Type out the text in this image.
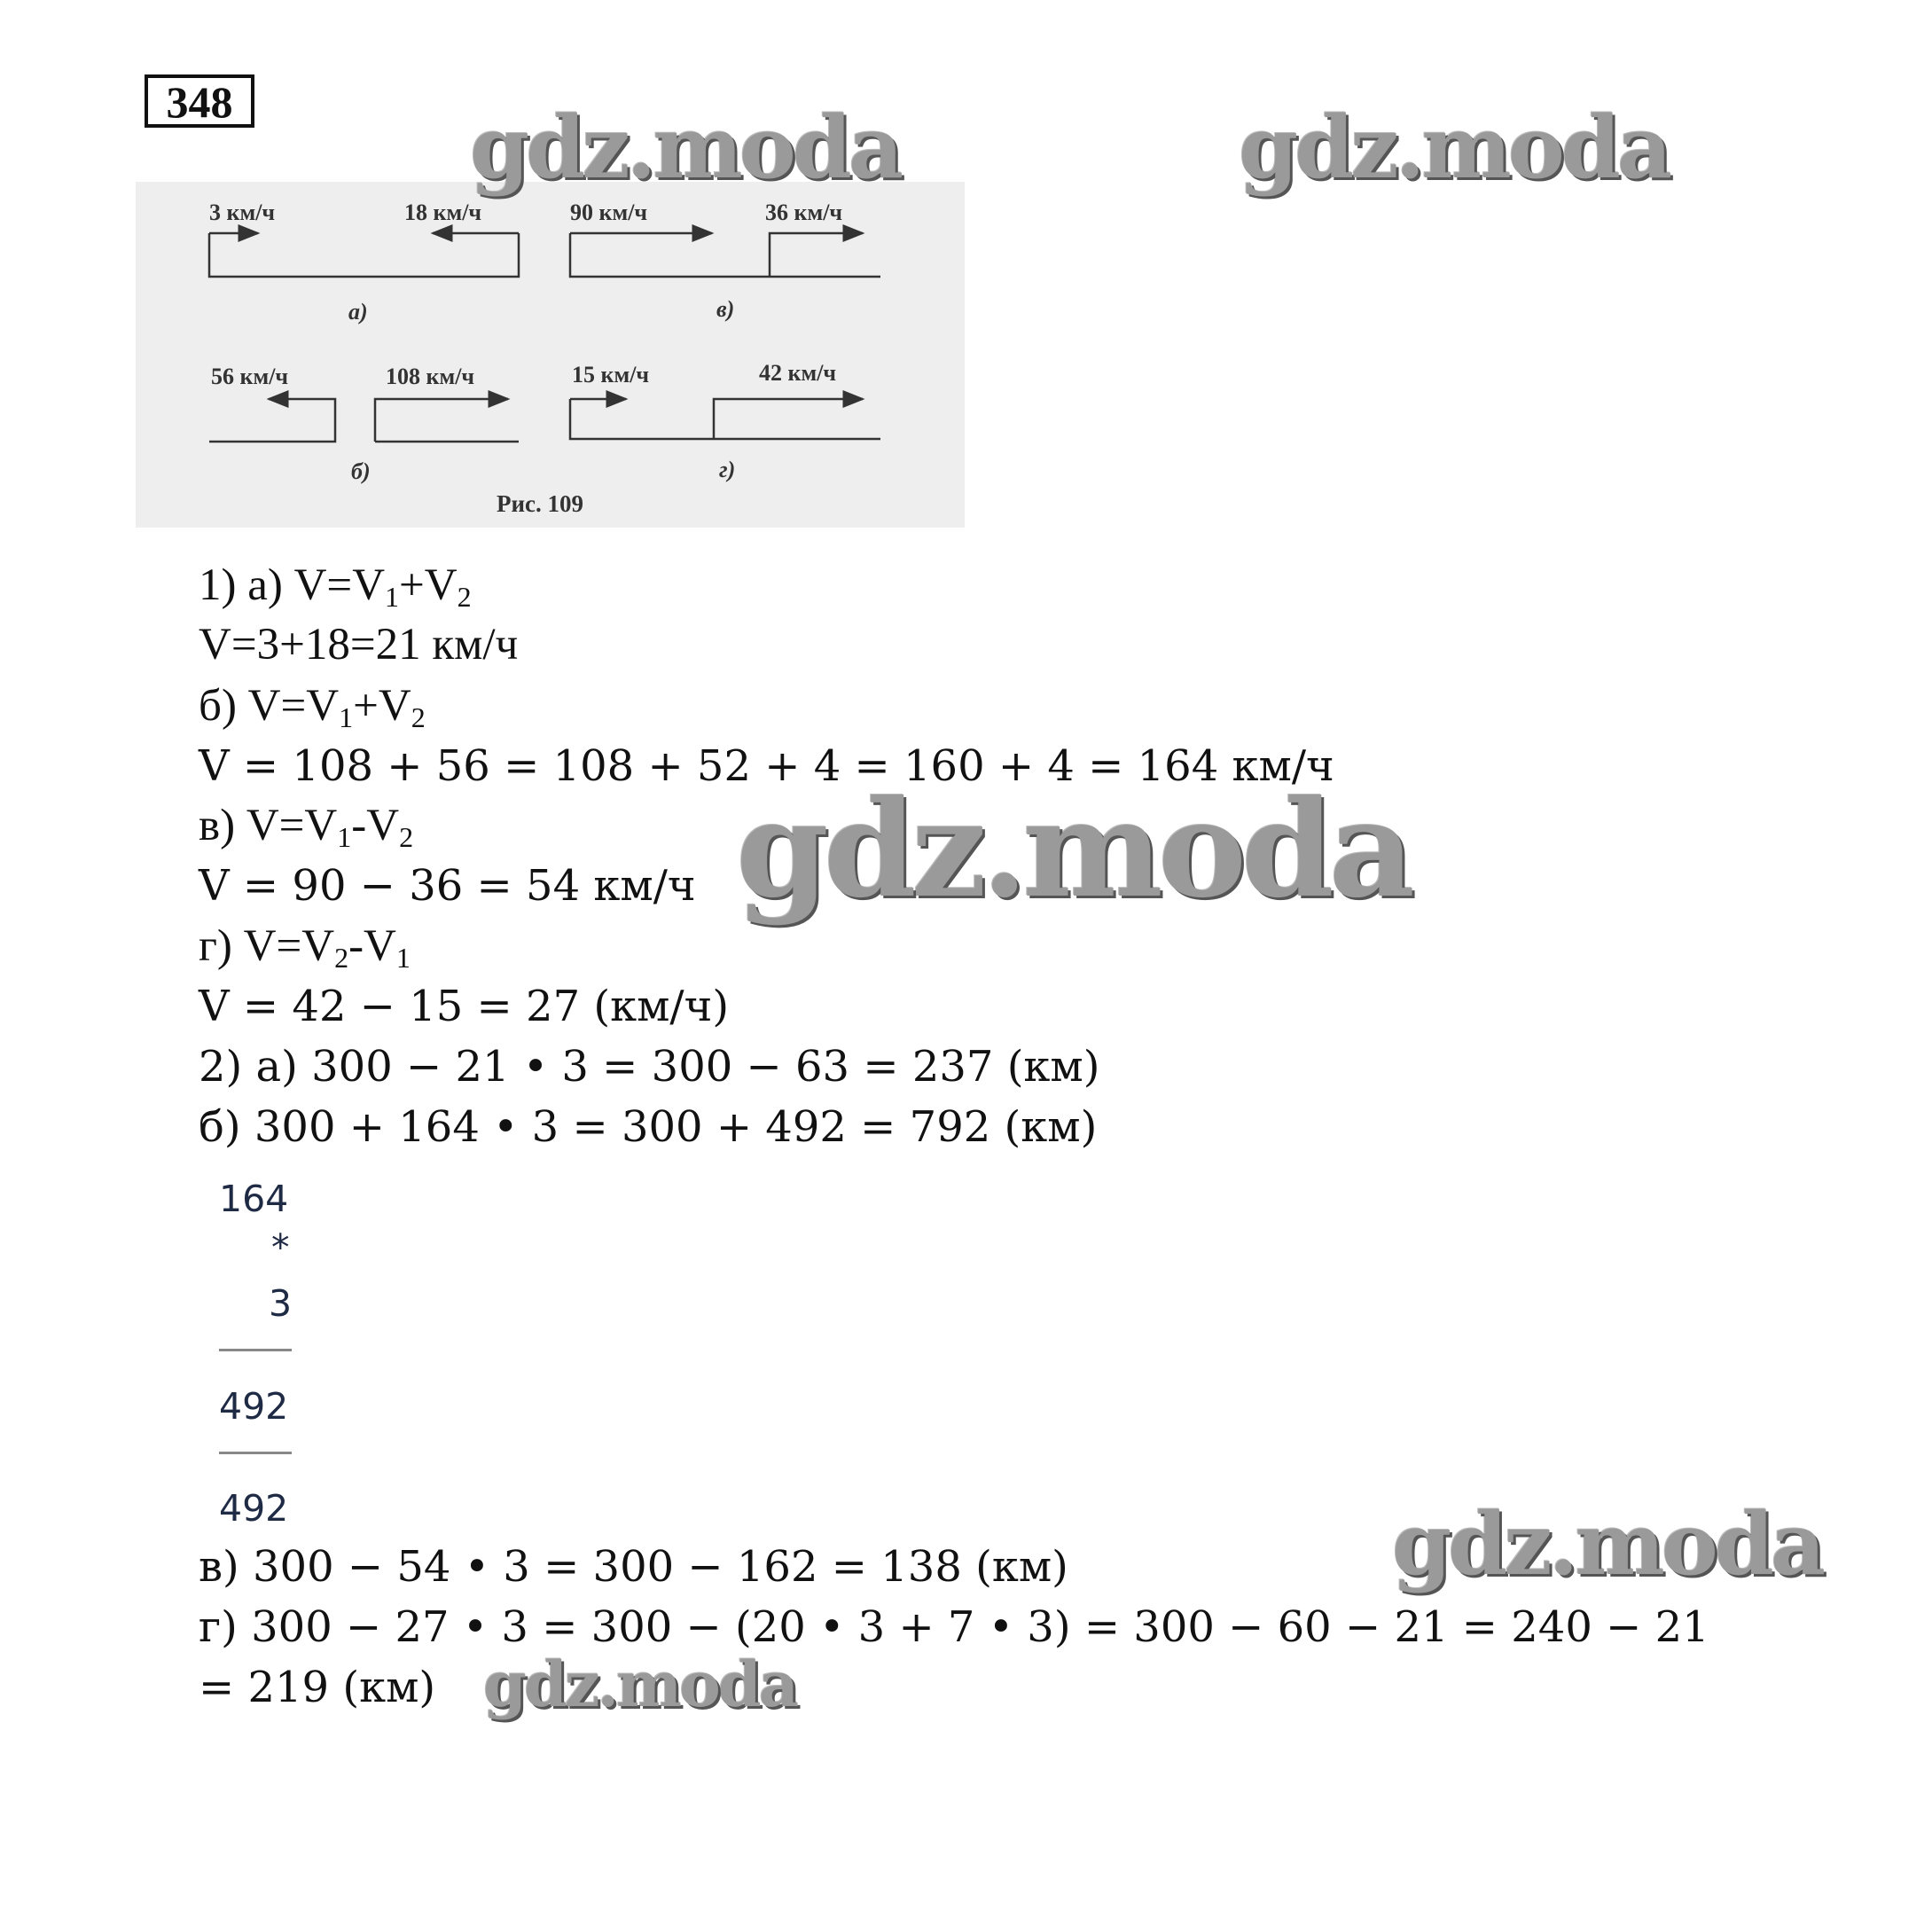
348
3 км/ч	18 км/ч
а)
90 км/ч	36 км/ч
в)
56 км/ч	108 км/ч
б)
15 км/ч	42 км/ч
г)
Рис. 109
1) а) $V=V_1+V_2$
V=3+18=21 км/ч
б) $V=V_1+V_2$
V = 108 + 56 = 108 + 52 + 4 = 160 + 4 = 164 км/ч
в) $V=V_1-V_2$
V = 90 − 36 = 54 км/ч
г) $V=V_2-V_1$
V = 42 − 15 = 27 (км/ч)
2) а) 300 − 21 • 3 = 300 − 63 = 237 (км)
б) 300 + 164 • 3 = 300 + 492 = 792 (км)
164
*
3
492
492
в) 300 − 54 • 3 = 300 − 162 = 138 (км)
г) 300 − 27 • 3 = 300 − (20 • 3 + 7 • 3) = 300 − 60 − 21 = 240 − 21
= 219 (км)
gdz.moda	gdz.moda
gdz.moda
gdz.moda
gdz.moda
